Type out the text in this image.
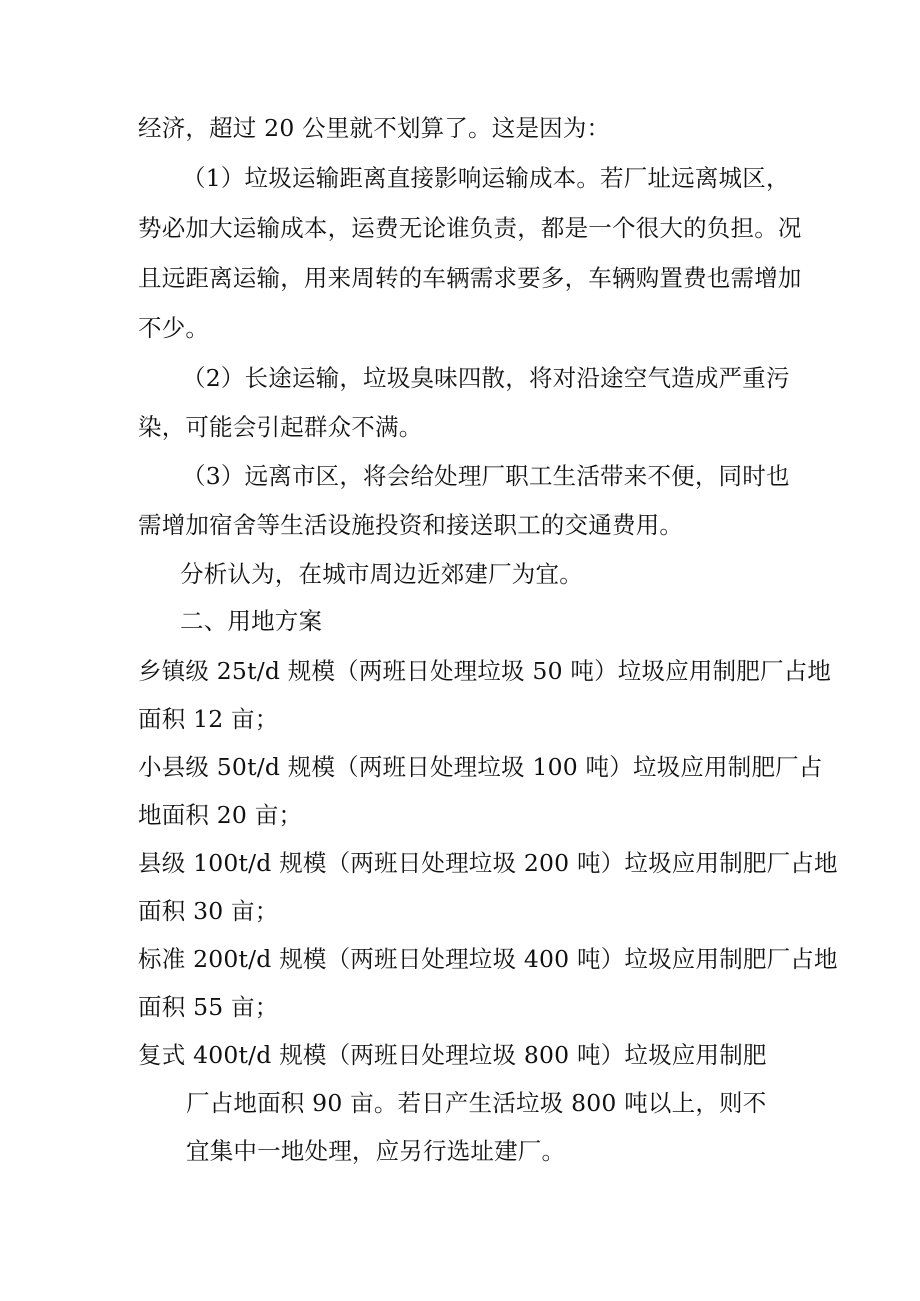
经济，超过 20 公里就不划算了。这是因为：
（1）垃圾运输距离直接影响运输成本。若厂址远离城区，
势必加大运输成本，运费无论谁负责，都是一个很大的负担。况
且远距离运输，用来周转的车辆需求要多，车辆购置费也需增加
不少。
（2）长途运输，垃圾臭味四散，将对沿途空气造成严重污
染，可能会引起群众不满。
（3）远离市区，将会给处理厂职工生活带来不便，同时也
需增加宿舍等生活设施投资和接送职工的交通费用。
分析认为，在城市周边近郊建厂为宜。
二、用地方案
乡镇级 25t/d 规模（两班日处理垃圾 50 吨）垃圾应用制肥厂占地
面积 12 亩；
小县级 50t/d 规模（两班日处理垃圾 100 吨）垃圾应用制肥厂占
地面积 20 亩；
县级 100t/d 规模（两班日处理垃圾 200 吨）垃圾应用制肥厂占地
面积 30 亩；
标准 200t/d 规模（两班日处理垃圾 400 吨）垃圾应用制肥厂占地
面积 55 亩；
复式 400t/d 规模（两班日处理垃圾 800 吨）垃圾应用制肥
厂占地面积 90 亩。若日产生活垃圾 800 吨以上，则不
宜集中一地处理，应另行选址建厂。
